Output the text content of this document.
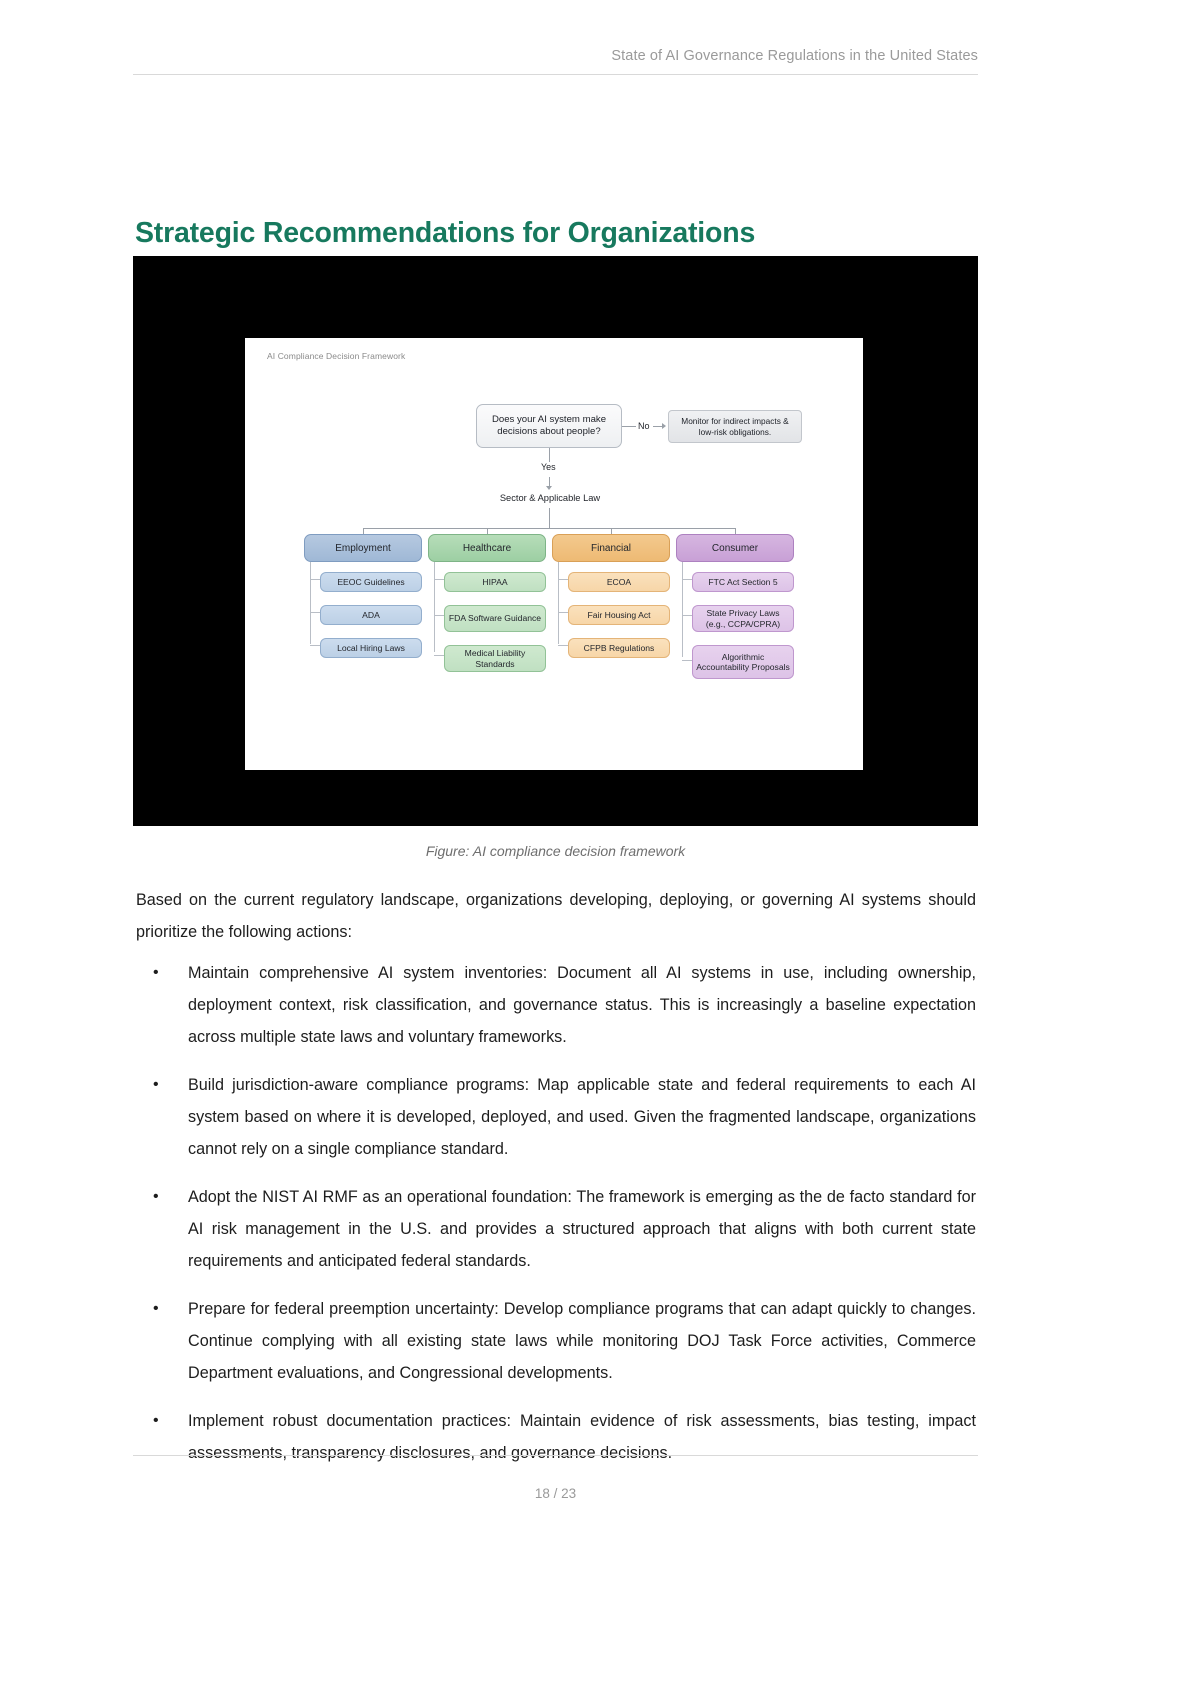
State of AI Governance Regulations in the United States
Strategic Recommendations for Organizations
AI Compliance Decision Framework
Does your AI system make decisions about people?	No	Monitor for indirect impacts & low-risk obligations.
Yes
Sector & Applicable Law
Employment
EEOC Guidelines
ADA
Local Hiring Laws
Healthcare
HIPAA
FDA Software Guidance
Medical Liability Standards
Financial
ECOA
Fair Housing Act
CFPB Regulations
Consumer
FTC Act Section 5
State Privacy Laws (e.g., CCPA/CPRA)
Algorithmic Accountability Proposals
Figure: AI compliance decision framework
Based on the current regulatory landscape, organizations developing, deploying, or governing AI systems should prioritize the following actions:
•	Maintain comprehensive AI system inventories: Document all AI systems in use, including ownership, deployment context, risk classification, and governance status. This is increasingly a baseline expectation across multiple state laws and voluntary frameworks.
•	Build jurisdiction-aware compliance programs: Map applicable state and federal requirements to each AI system based on where it is developed, deployed, and used. Given the fragmented landscape, organizations cannot rely on a single compliance standard.
•	Adopt the NIST AI RMF as an operational foundation: The framework is emerging as the de facto standard for AI risk management in the U.S. and provides a structured approach that aligns with both current state requirements and anticipated federal standards.
•	Prepare for federal preemption uncertainty: Develop compliance programs that can adapt quickly to changes. Continue complying with all existing state laws while monitoring DOJ Task Force activities, Commerce Department evaluations, and Congressional developments.
•	Implement robust documentation practices: Maintain evidence of risk assessments, bias testing, impact assessments, transparency disclosures, and governance decisions.
18 / 23
